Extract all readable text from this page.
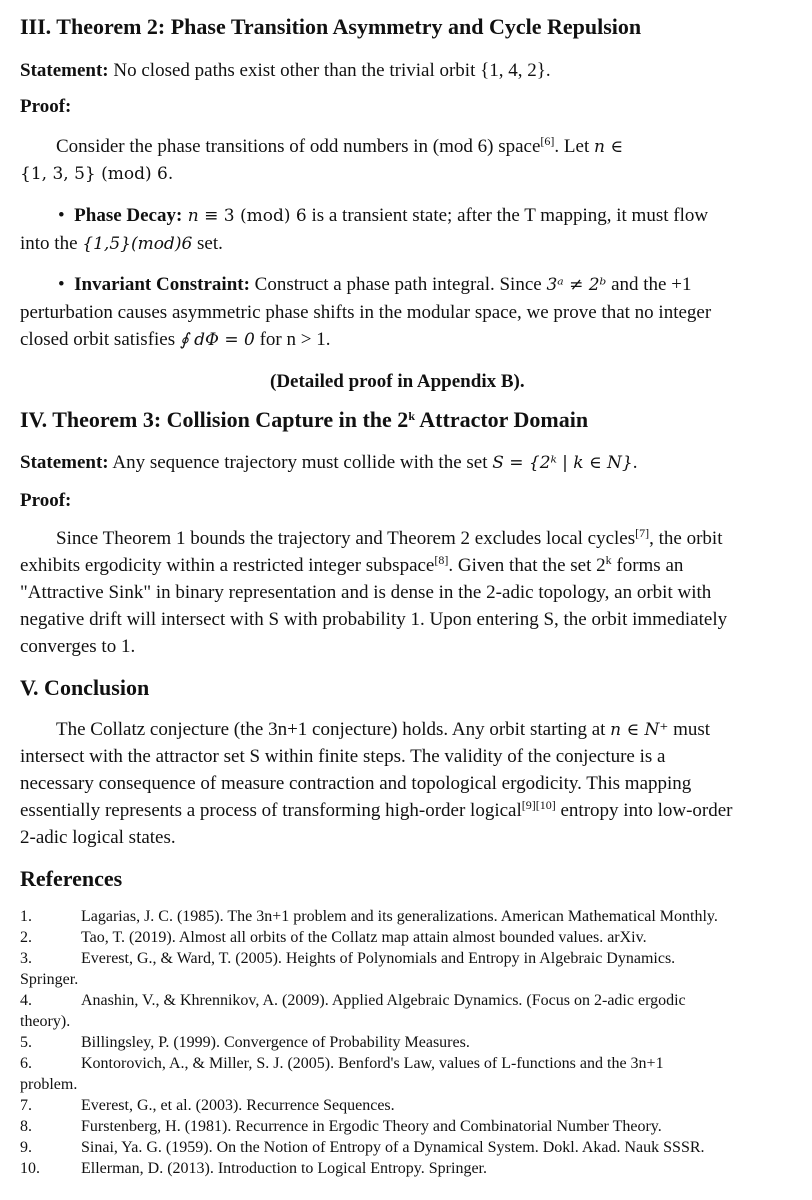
III. Theorem 2: Phase Transition Asymmetry and Cycle Repulsion
Statement: No closed paths exist other than the trivial orbit {1, 4, 2}.
Proof:
Consider the phase transitions of odd numbers in (mod 6) space[6]. Let n ∈
{1, 3, 5} (mod) 6.
• Phase Decay: n ≡ 3 (mod) 6 is a transient state; after the T mapping, it must flow
into the {1,5}(mod)6 set.
• Invariant Constraint: Construct a phase path integral. Since 3ᵃ ≠ 2ᵇ and the +1
perturbation causes asymmetric phase shifts in the modular space, we prove that no integer
closed orbit satisfies ∮ dΦ = 0 for n > 1.
(Detailed proof in Appendix B).
IV. Theorem 3: Collision Capture in the 2$^k$ Attractor Domain
Statement: Any sequence trajectory must collide with the set S = {2ᵏ | k ∈ N}.
Proof:
Since Theorem 1 bounds the trajectory and Theorem 2 excludes local cycles[7], the orbit
exhibits ergodicity within a restricted integer subspace[8]. Given that the set 2$^k$ forms an
"Attractive Sink" in binary representation and is dense in the 2-adic topology, an orbit with
negative drift will intersect with S with probability 1. Upon entering S, the orbit immediately
converges to 1.
V. Conclusion
The Collatz conjecture (the 3n+1 conjecture) holds. Any orbit starting at n ∈ N⁺ must
intersect with the attractor set S within finite steps. The validity of the conjecture is a
necessary consequence of measure contraction and topological ergodicity. This mapping
essentially represents a process of transforming high-order logical[9][10] entropy into low-order
2-adic logical states.
References
1.	Lagarias, J. C. (1985). The 3n+1 problem and its generalizations. American Mathematical Monthly.
2.	Tao, T. (2019). Almost all orbits of the Collatz map attain almost bounded values. arXiv.
3.	Everest, G., & Ward, T. (2005). Heights of Polynomials and Entropy in Algebraic Dynamics.
Springer.
4.	Anashin, V., & Khrennikov, A. (2009). Applied Algebraic Dynamics. (Focus on 2-adic ergodic
theory).
5.	Billingsley, P. (1999). Convergence of Probability Measures.
6.	Kontorovich, A., & Miller, S. J. (2005). Benford's Law, values of L-functions and the 3n+1
problem.
7.	Everest, G., et al. (2003). Recurrence Sequences.
8.	Furstenberg, H. (1981). Recurrence in Ergodic Theory and Combinatorial Number Theory.
9.	Sinai, Ya. G. (1959). On the Notion of Entropy of a Dynamical System. Dokl. Akad. Nauk SSSR.
10.	Ellerman, D. (2013). Introduction to Logical Entropy. Springer.
